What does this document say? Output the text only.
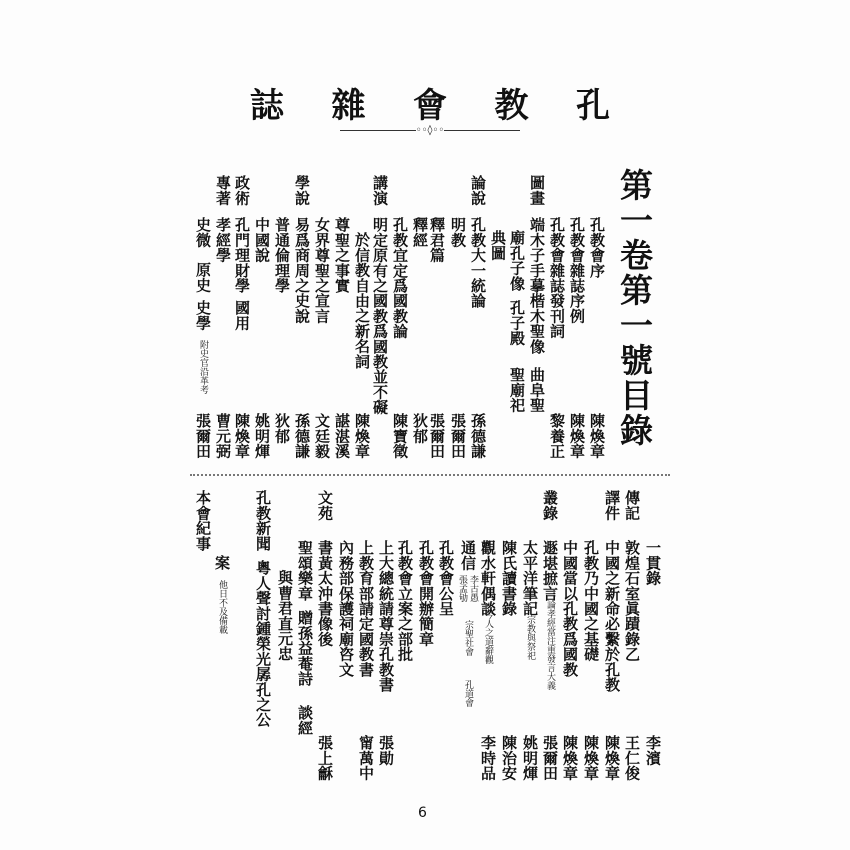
孔
教
會
雜
誌
◦◦◊◦◦
第一卷第一號目錄
孔教會序
陳煥章
孔教會雜誌序例
陳煥章
孔教會雜誌發刊詞
黎養正
圖畫
端木子手摹楷木聖像
曲阜聖
廟孔子像
孔子殿
聖廟祀
典圖
論說
孔教大一統論
孫德謙
明教
張爾田
釋君篇
張爾田
釋經
狄郁
孔教宜定爲國教論
陳寶徵
講演
明定原有之國教爲國教並不礙
於信教自由之新名詞
陳煥章
尊聖之事實
諶湛溪
女界尊聖之宣言
文廷毅
學說
易爲商周之史說
孫德謙
普通倫理學
狄郁
中國說
姚明煇
政術
孔門理財學
國用
陳煥章
專著
孝經學
曹元弼
史微
原史
史學
附史官沿革考
張爾田
一貫錄
李濱
傳記
敦煌石室眞蹟錄乙
王仁俊
譯件
中國之新命必繫於孔教
陳煥章
孔教乃中國之基礎
陳煥章
中國當以孔教爲國教
陳煥章
叢錄
遯堪摭言
論孝經當注重發言大義
張爾田
太平洋筆記
宗教與祭祀
姚明煇
陳氏讀書錄
陳治安
觀水軒偶談
今人之道辭觀
李時品
通信
李古愚
張孟劬
宗聖社會
孔道會
孔教會公呈
孔教會開辦簡章
孔教會立案之部批
上大總統請尊崇孔教書
張勛
上教育部請定國教書
甯萬中
內務部保護祠廟咨文
文苑
書黃太沖書像後
張上龢
聖頌樂章
贈孫益菴詩
談經
與曹君直元忠
孔教新聞
粵人聲討鍾榮光孱孔之公
案
他日不及備載
本會紀事
6
